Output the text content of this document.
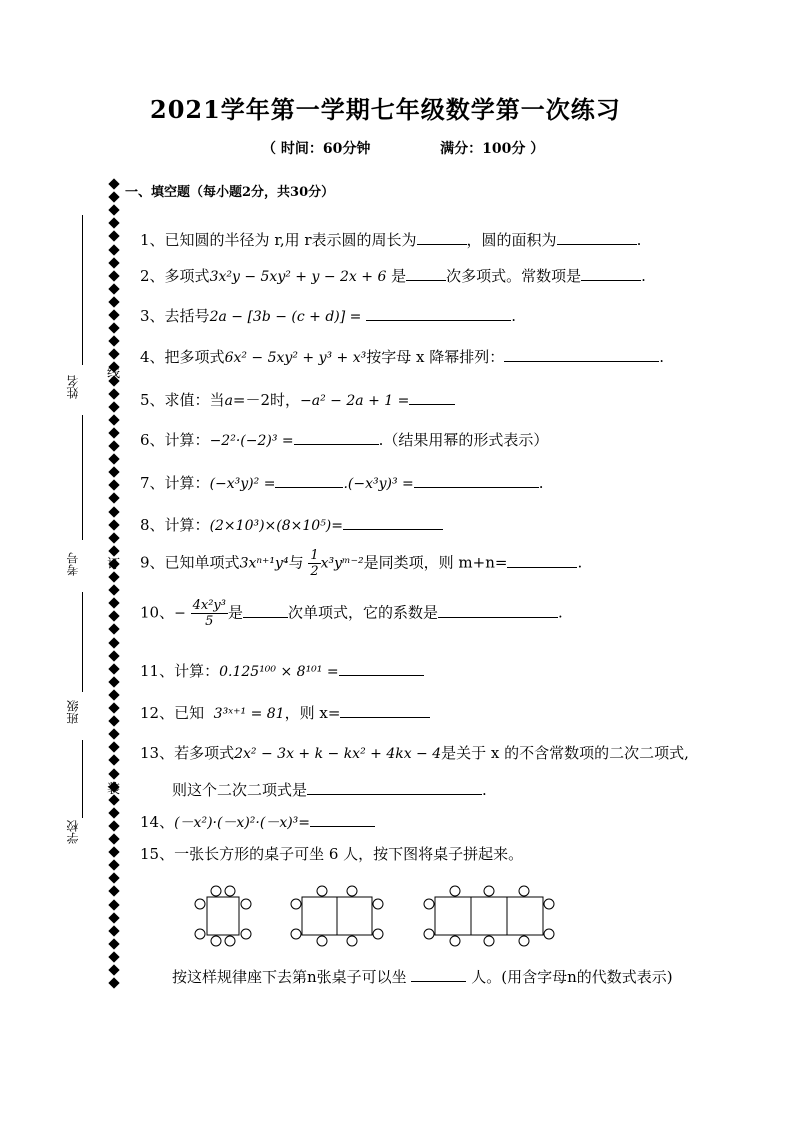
2021学年第一学期七年级数学第一次练习
（ 时间：60分钟	满分：100分 ）
一、填空题（每小题2分，共30分）
姓名
考号
班级
学校
线
订
装
1、已知圆的半径为 r,用 r表示圆的周长为	，圆的面积为	.
2、多项式3x²y − 5xy² + y − 2x + 6 是	次多项式。常数项是	.
3、去括号2a − [3b − (c + d)] =	.
4、把多项式6x² − 5xy² + y³ + x³按字母 x 降幂排列：	.
5、求值：当a=－2时，−a² − 2a + 1 =
6、计算：−2²·(−2)³ =	.（结果用幂的形式表示）
7、计算：(−x³y)² =	.(−x³y)³ =	.
8、计算：(2×10³)×(8×10⁵)=
9、已知单项式3xⁿ⁺¹y⁴与 $\frac{1}{2}$ x³yᵐ⁻²是同类项，则 m+n=	.
10、− $\frac{\text{4x²y³}}{5}$ 是	次单项式，它的系数是	.
11、计算：0.125¹⁰⁰ × 8¹⁰¹ =
12、已知 3³ˣ⁺¹ = 81，则 x=
13、若多项式2x² − 3x + k − kx² + 4kx − 4是关于 x 的不含常数项的二次二项式,
则这个二次二项式是	.
14、(－x²)·(－x)²·(－x)³=
15、一张长方形的桌子可坐 6 人，按下图将桌子拼起来。
按这样规律座下去第n张桌子可以坐	人。(用含字母n的代数式表示)
